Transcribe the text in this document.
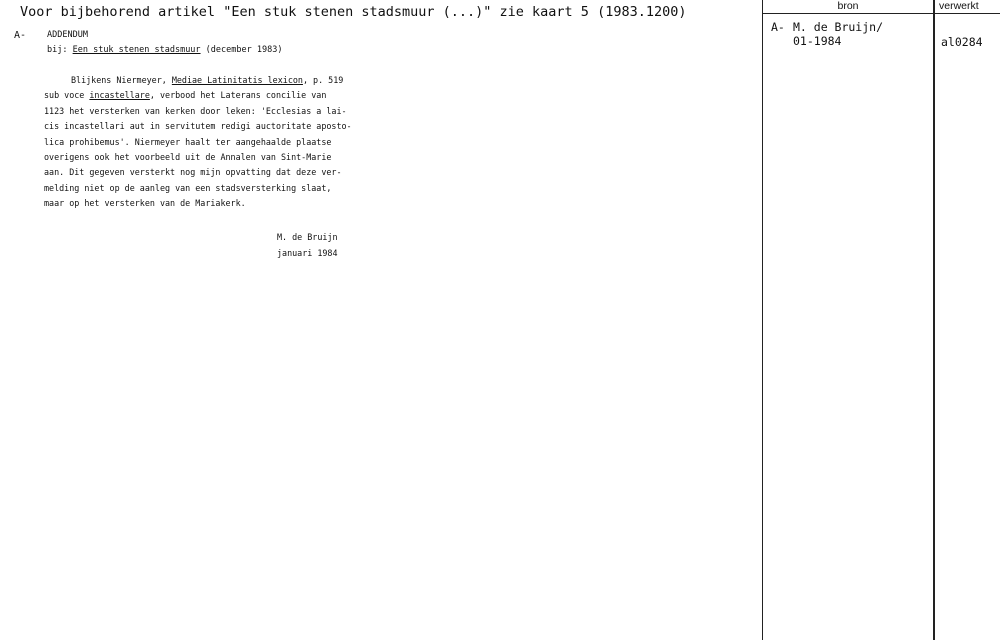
Voor bijbehorend artikel "Een stuk stenen stadsmuur (...)" zie kaart 5 (1983.1200)
A- ADDENDUM
bij: Een stuk stenen stadsmuur (december 1983)
Blijkens Niermeyer, Mediae Latinitatis lexicon, p. 519
sub voce incastellare, verbood het Laterans concilie van
1123 het versterken van kerken door leken: 'Ecclesias a lai-
cis incastellari aut in servitutem redigi auctoritate aposto-
lica prohibemus'. Niermeyer haalt ter aangehaalde plaatse
overigens ook het voorbeeld uit de Annalen van Sint-Marie
aan. Dit gegeven versterkt nog mijn opvatting dat deze ver-
melding niet op de aanleg van een stadsversterking slaat,
maar op het versterken van de Mariakerk.
M. de Bruijn
januari 1984
bron	verwerkt
A- M. de Bruijn/
01-1984	al0284
